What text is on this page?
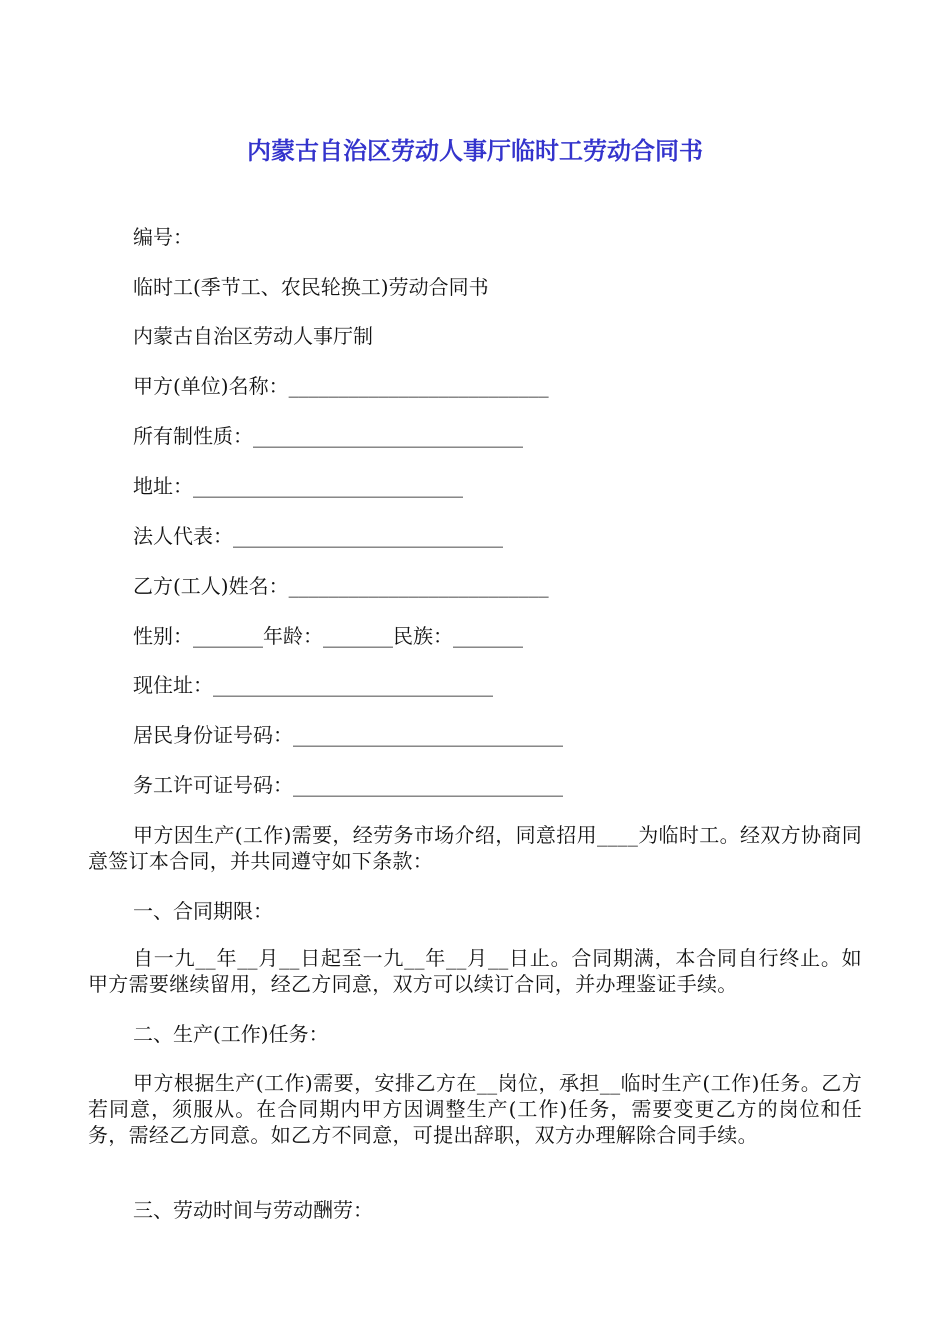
内蒙古自治区劳动人事厅临时工劳动合同书
编号：
临时工(季节工、农民轮换工)劳动合同书
内蒙古自治区劳动人事厅制
甲方(单位)名称：__________________________
所有制性质：___________________________
地址：___________________________
法人代表：___________________________
乙方(工人)姓名：__________________________
性别：_______年龄：_______民族：_______
现住址：____________________________
居民身份证号码：___________________________
务工许可证号码：___________________________
甲方因生产(工作)需要，经劳务市场介绍，同意招用____为临时工。经双方协商同意签订本合同，并共同遵守如下条款：
一、合同期限：
自一九__年__月__日起至一九__年__月__日止。合同期满，本合同自行终止。如甲方需要继续留用，经乙方同意，双方可以续订合同，并办理鉴证手续。
二、生产(工作)任务：
甲方根据生产(工作)需要，安排乙方在__岗位，承担__临时生产(工作)任务。乙方若同意，须服从。在合同期内甲方因调整生产(工作)任务，需要变更乙方的岗位和任务，需经乙方同意。如乙方不同意，可提出辞职，双方办理解除合同手续。
三、劳动时间与劳动酬劳：
